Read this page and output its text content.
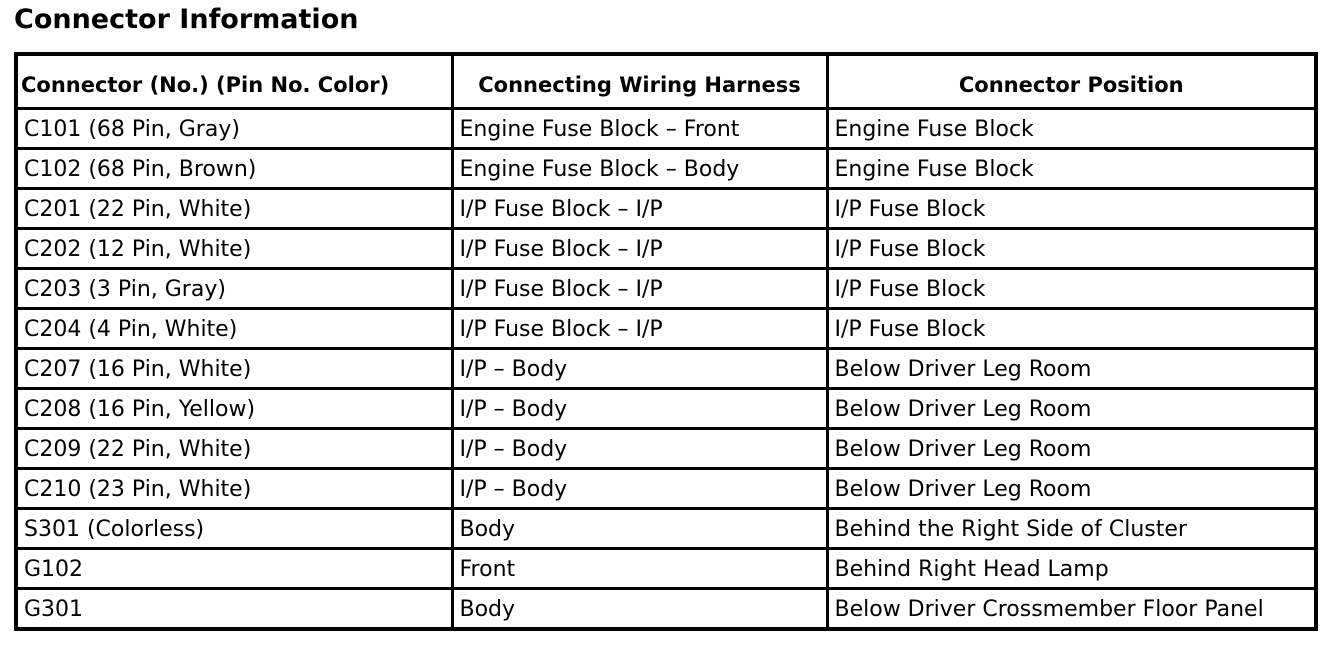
Connector Information
Connector (No.) (Pin No. Color)	Connecting Wiring Harness	Connector Position
C101 (68 Pin, Gray)	Engine Fuse Block – Front	Engine Fuse Block
C102 (68 Pin, Brown)	Engine Fuse Block – Body	Engine Fuse Block
C201 (22 Pin, White)	I/P Fuse Block – I/P	I/P Fuse Block
C202 (12 Pin, White)	I/P Fuse Block – I/P	I/P Fuse Block
C203 (3 Pin, Gray)	I/P Fuse Block – I/P	I/P Fuse Block
C204 (4 Pin, White)	I/P Fuse Block – I/P	I/P Fuse Block
C207 (16 Pin, White)	I/P – Body	Below Driver Leg Room
C208 (16 Pin, Yellow)	I/P – Body	Below Driver Leg Room
C209 (22 Pin, White)	I/P – Body	Below Driver Leg Room
C210 (23 Pin, White)	I/P – Body	Below Driver Leg Room
S301 (Colorless)	Body	Behind the Right Side of Cluster
G102	Front	Behind Right Head Lamp
G301	Body	Below Driver Crossmember Floor Panel
